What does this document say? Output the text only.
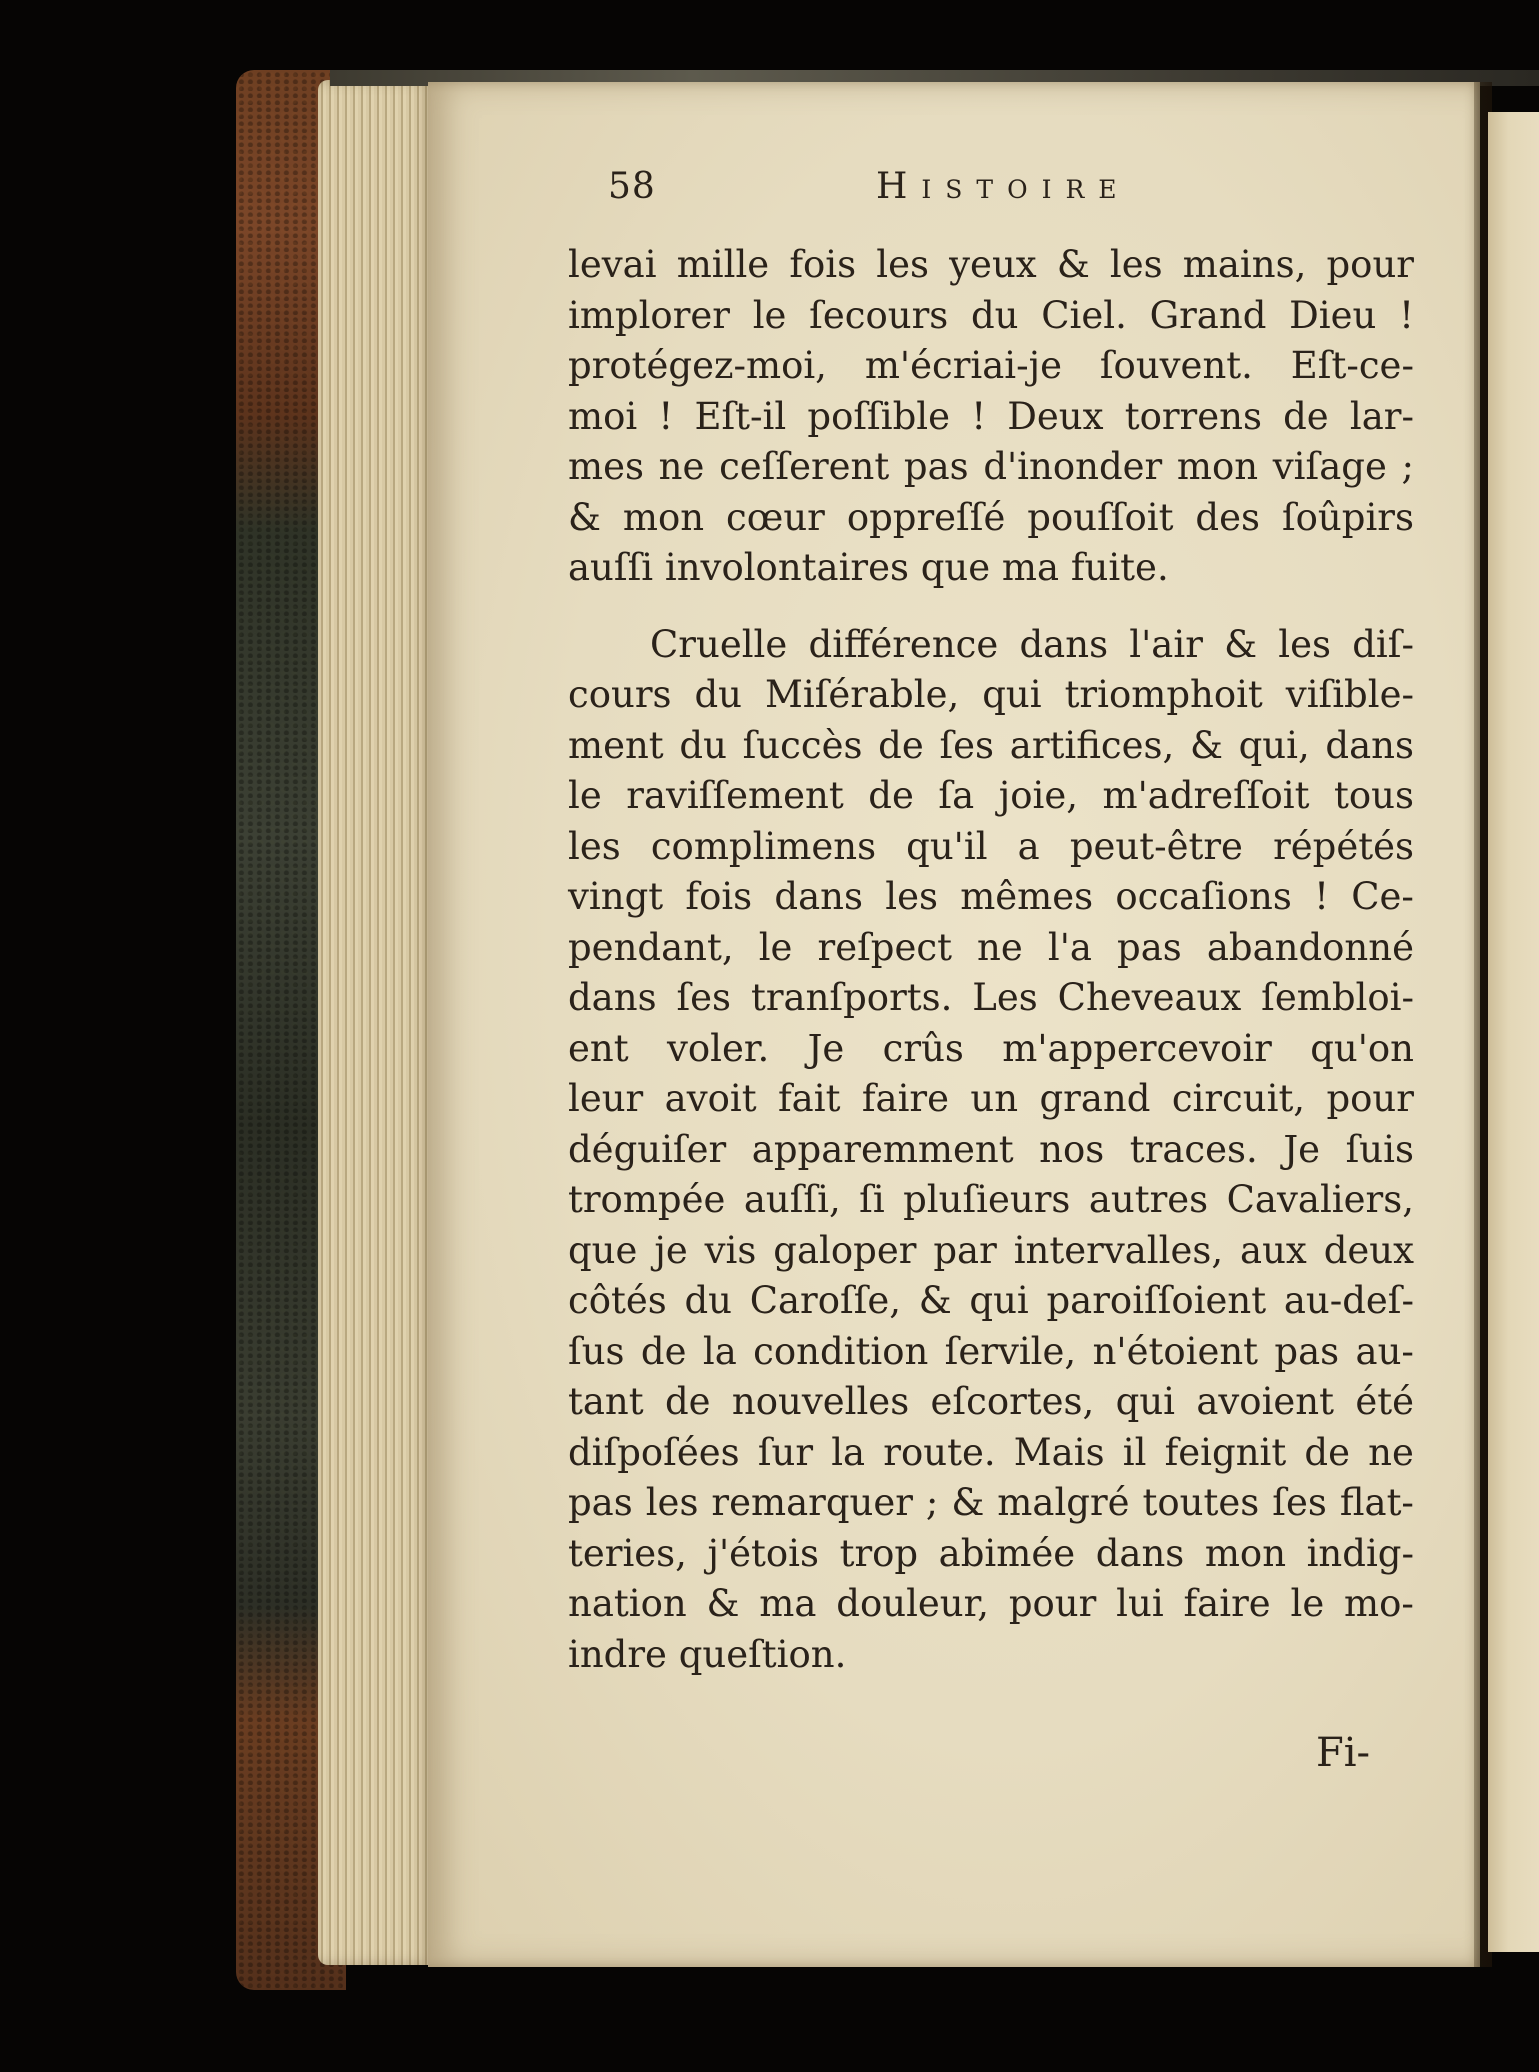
58	Histoire
levai mille fois les yeux & les mains, pour
implorer le ſecours du Ciel. Grand Dieu !
protégez-moi, m'écriai-je ſouvent. Eſt-ce-
moi ! Eſt-il poſſible ! Deux torrens de lar-
mes ne ceſſerent pas d'inonder mon viſage ;
& mon cœur oppreſſé pouſſoit des ſoûpirs
auſſi involontaires que ma fuite.
Cruelle différence dans l'air & les diſ-
cours du Miſérable, qui triomphoit viſible-
ment du ſuccès de ſes artifices, & qui, dans
le raviſſement de ſa joie, m'adreſſoit tous
les complimens qu'il a peut-être répétés
vingt fois dans les mêmes occaſions ! Ce-
pendant, le reſpect ne l'a pas abandonné
dans ſes tranſports. Les Cheveaux ſembloi-
ent voler. Je crûs m'appercevoir qu'on
leur avoit fait faire un grand circuit, pour
déguiſer apparemment nos traces. Je ſuis
trompée auſſi, ſi pluſieurs autres Cavaliers,
que je vis galoper par intervalles, aux deux
côtés du Caroſſe, & qui paroiſſoient au-deſ-
ſus de la condition ſervile, n'étoient pas au-
tant de nouvelles eſcortes, qui avoient été
diſpoſées ſur la route. Mais il feignit de ne
pas les remarquer ; & malgré toutes ſes flat-
teries, j'étois trop abimée dans mon indig-
nation & ma douleur, pour lui faire le mo-
indre queſtion.
Fi-
